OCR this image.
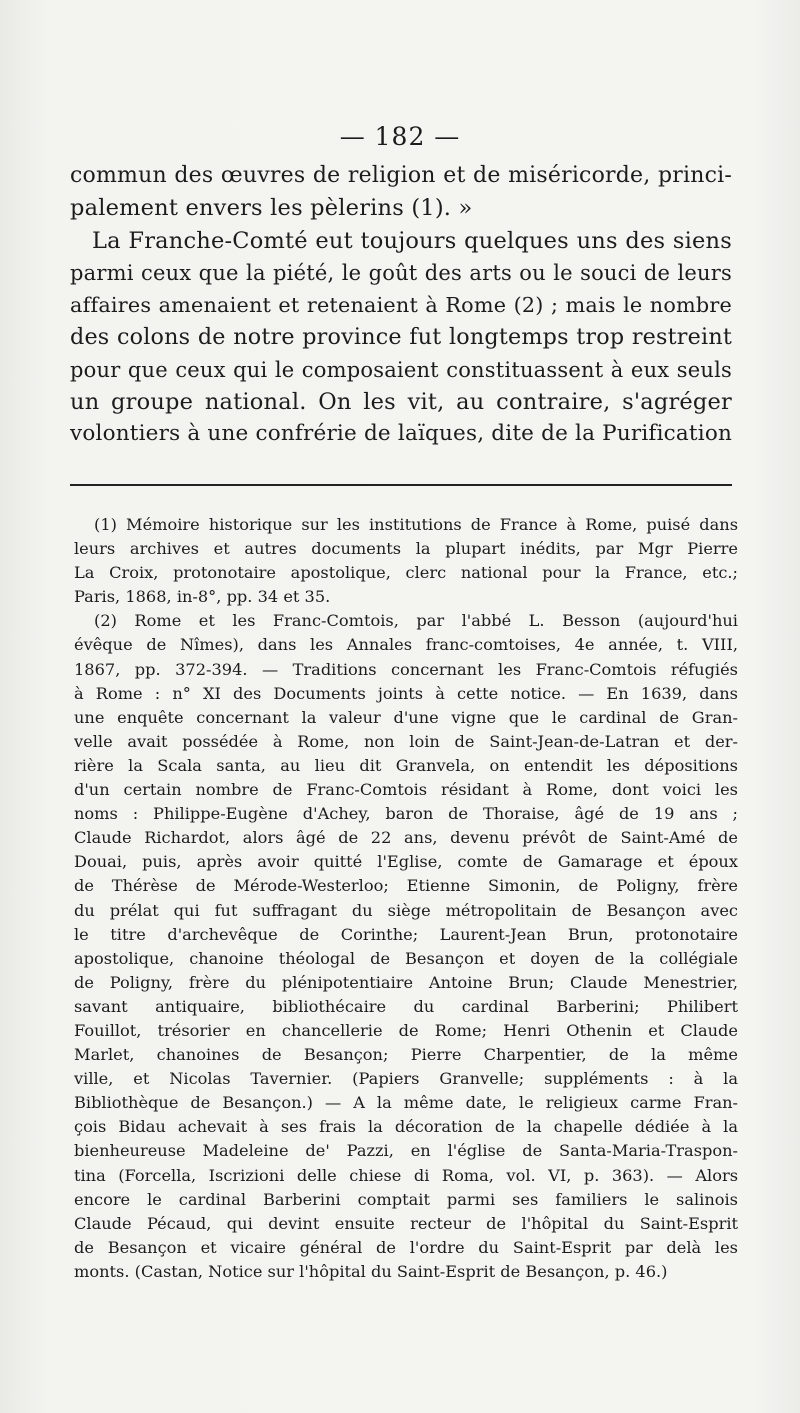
— 182 —
commun des œuvres de religion et de miséricorde, princi-
palement envers les pèlerins (1). »
La Franche-Comté eut toujours quelques uns des siens
parmi ceux que la piété, le goût des arts ou le souci de leurs
affaires amenaient et retenaient à Rome (2) ; mais le nombre
des colons de notre province fut longtemps trop restreint
pour que ceux qui le composaient constituassent à eux seuls
un groupe national. On les vit, au contraire, s'agréger
volontiers à une confrérie de laïques, dite de la Purification
(1) Mémoire historique sur les institutions de France à Rome, puisé dans
leurs archives et autres documents la plupart inédits, par Mgr Pierre
La Croix, protonotaire apostolique, clerc national pour la France, etc.;
Paris, 1868, in-8°, pp. 34 et 35.
(2) Rome et les Franc-Comtois, par l'abbé L. Besson (aujourd'hui
évêque de Nîmes), dans les Annales franc-comtoises, 4e année, t. VIII,
1867, pp. 372-394. — Traditions concernant les Franc-Comtois réfugiés
à Rome : n° XI des Documents joints à cette notice. — En 1639, dans
une enquête concernant la valeur d'une vigne que le cardinal de Gran-
velle avait possédée à Rome, non loin de Saint-Jean-de-Latran et der-
rière la Scala santa, au lieu dit Granvela, on entendit les dépositions
d'un certain nombre de Franc-Comtois résidant à Rome, dont voici les
noms : Philippe-Eugène d'Achey, baron de Thoraise, âgé de 19 ans ;
Claude Richardot, alors âgé de 22 ans, devenu prévôt de Saint-Amé de
Douai, puis, après avoir quitté l'Eglise, comte de Gamarage et époux
de Thérèse de Mérode-Westerloo; Etienne Simonin, de Poligny, frère
du prélat qui fut suffragant du siège métropolitain de Besançon avec
le titre d'archevêque de Corinthe; Laurent-Jean Brun, protonotaire
apostolique, chanoine théologal de Besançon et doyen de la collégiale
de Poligny, frère du plénipotentiaire Antoine Brun; Claude Menestrier,
savant antiquaire, bibliothécaire du cardinal Barberini; Philibert
Fouillot, trésorier en chancellerie de Rome; Henri Othenin et Claude
Marlet, chanoines de Besançon; Pierre Charpentier, de la même
ville, et Nicolas Tavernier. (Papiers Granvelle; suppléments : à la
Bibliothèque de Besançon.) — A la même date, le religieux carme Fran-
çois Bidau achevait à ses frais la décoration de la chapelle dédiée à la
bienheureuse Madeleine de' Pazzi, en l'église de Santa-Maria-Traspon-
tina (Forcella, Iscrizioni delle chiese di Roma, vol. VI, p. 363). — Alors
encore le cardinal Barberini comptait parmi ses familiers le salinois
Claude Pécaud, qui devint ensuite recteur de l'hôpital du Saint-Esprit
de Besançon et vicaire général de l'ordre du Saint-Esprit par delà les
monts. (Castan, Notice sur l'hôpital du Saint-Esprit de Besançon, p. 46.)
